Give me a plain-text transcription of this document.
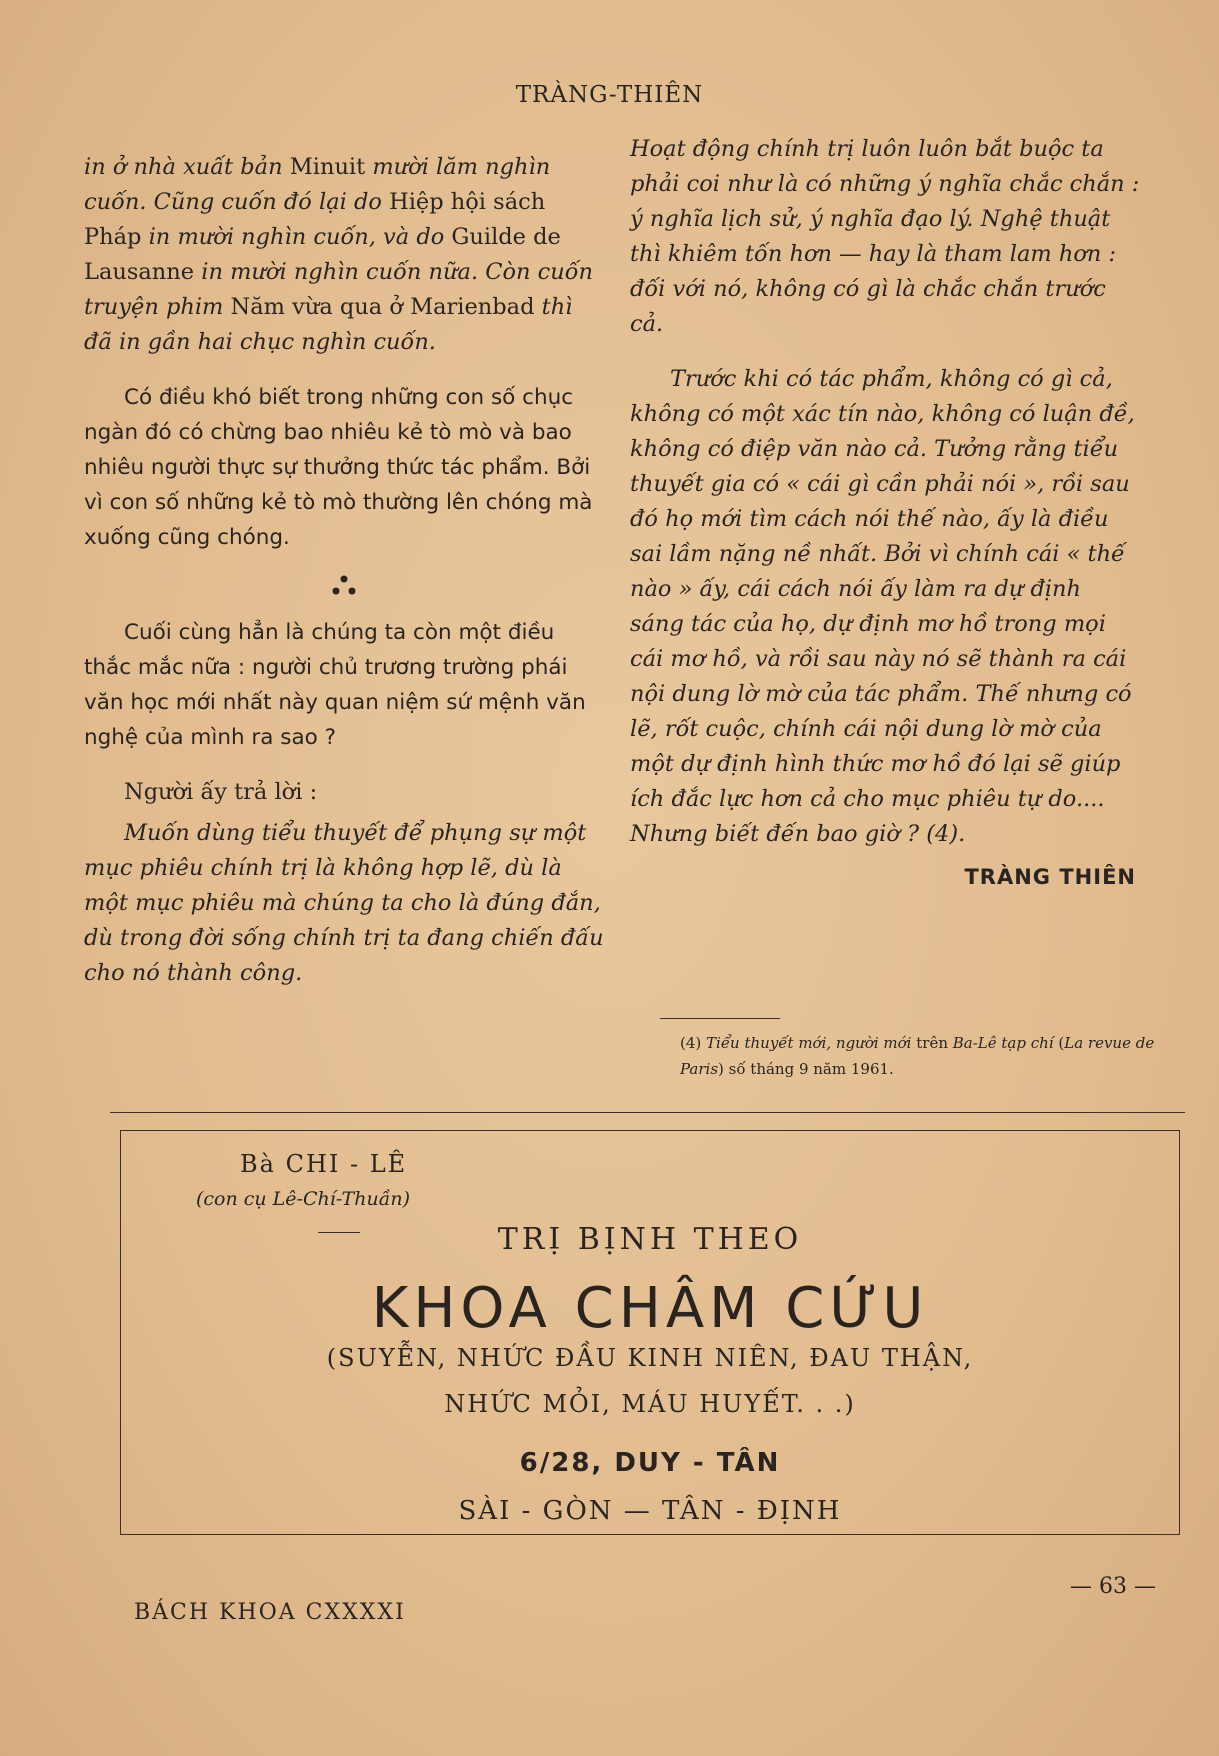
TRÀNG-THIÊN

in ở nhà xuất bản Minuit mười lăm nghìn cuốn. Cũng cuốn đó lại do Hiệp hội sách Pháp in mười nghìn cuốn, và do Guilde de Lausanne in mười nghìn cuốn nữa. Còn cuốn truyện phim Năm vừa qua ở Marienbad thì đã in gần hai chục nghìn cuốn.

Có điều khó biết trong những con số chục ngàn đó có chừng bao nhiêu kẻ tò mò và bao nhiêu người thực sự thưởng thức tác phẩm. Bởi vì con số những kẻ tò mò thường lên chóng mà xuống cũng chóng.

Cuối cùng hẳn là chúng ta còn một điều thắc mắc nữa : người chủ trương trường phái văn học mới nhất này quan niệm sứ mệnh văn nghệ của mình ra sao ?

Người ấy trả lời :

Muốn dùng tiểu thuyết để phụng sự một mục phiêu chính trị là không hợp lẽ, dù là một mục phiêu mà chúng ta cho là đúng đắn, dù trong đời sống chính trị ta đang chiến đấu cho nó thành công.

Hoạt động chính trị luôn luôn bắt buộc ta phải coi như là có những ý nghĩa chắc chắn : ý nghĩa lịch sử, ý nghĩa đạo lý. Nghệ thuật thì khiêm tốn hơn — hay là tham lam hơn : đối với nó, không có gì là chắc chắn trước cả.

Trước khi có tác phẩm, không có gì cả, không có một xác tín nào, không có luận đề, không có điệp văn nào cả. Tưởng rằng tiểu thuyết gia có « cái gì cần phải nói », rồi sau đó họ mới tìm cách nói thế nào, ấy là điều sai lầm nặng nề nhất. Bởi vì chính cái « thế nào » ấy, cái cách nói ấy làm ra dự định sáng tác của họ, dự định mơ hồ trong mọi cái mơ hồ, và rồi sau này nó sẽ thành ra cái nội dung lờ mờ của tác phẩm. Thế nhưng có lẽ, rốt cuộc, chính cái nội dung lờ mờ của một dự định hình thức mơ hồ đó lại sẽ giúp ích đắc lực hơn cả cho mục phiêu tự do.... Nhưng biết đến bao giờ ? (4).

TRÀNG THIÊN
(4) Tiểu thuyết mới, người mới trên Ba-Lê tạp chí (La revue de Paris) số tháng 9 năm 1961.
Bà CHI - LÊ
(con cụ Lê-Chí-Thuần)
TRỊ BỊNH THEO
KHOA CHÂM CỨU
(SUYỄN, NHỨC ĐẦU KINH NIÊN, ĐAU THẬN,
NHỨC MỎI, MÁU HUYẾT. . .)
6/28, DUY - TÂN
SÀI - GÒN — TÂN - ĐỊNH
BÁCH KHOA CXXXXI
— 63 —
